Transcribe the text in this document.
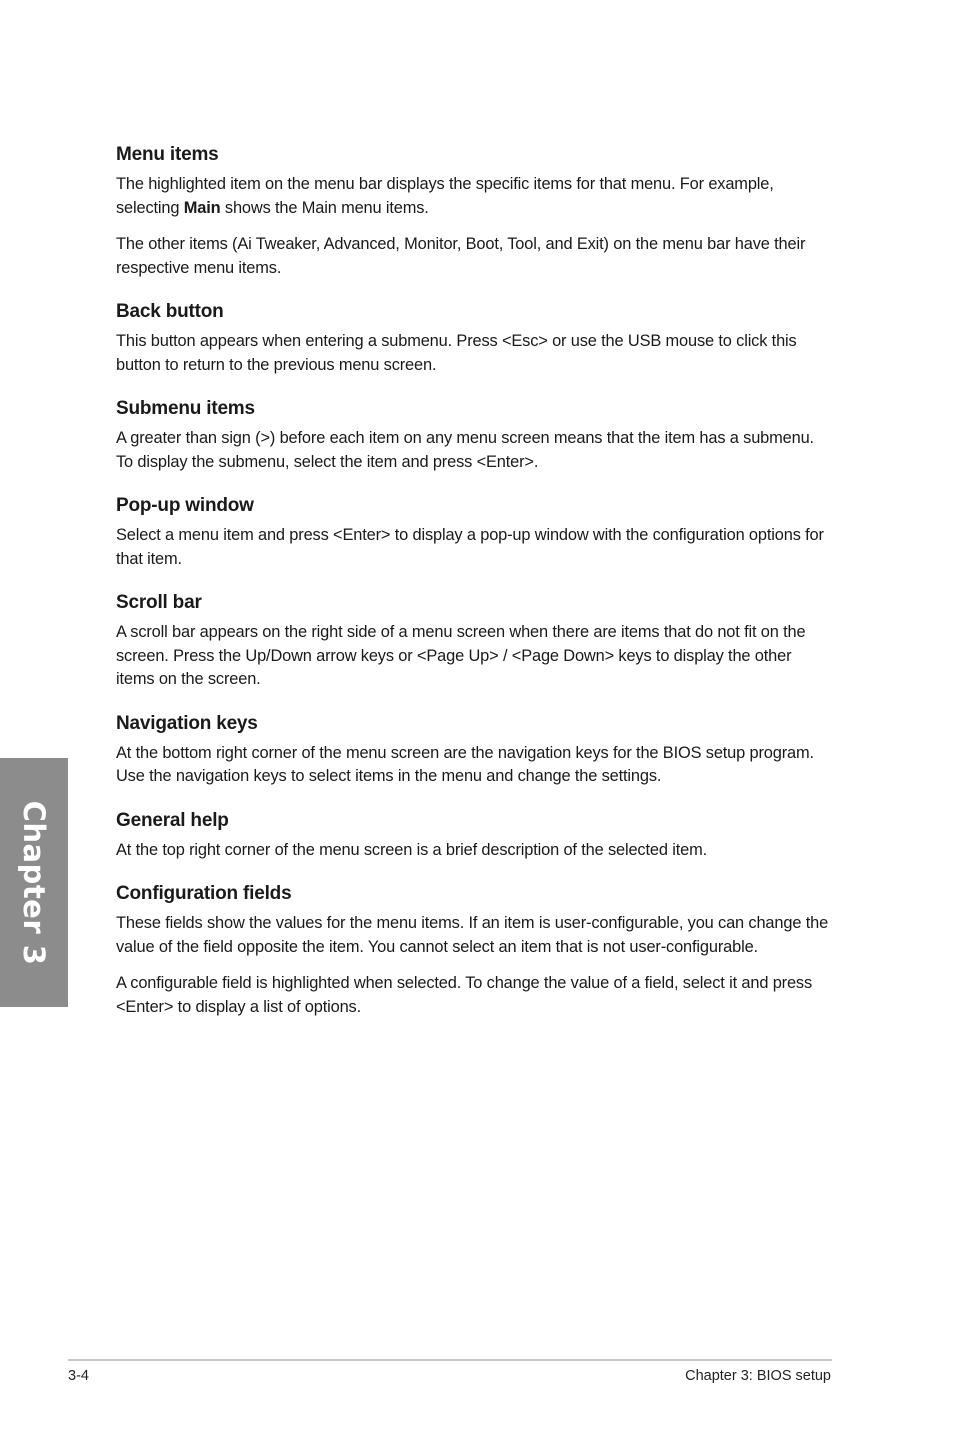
Menu items

The highlighted item on the menu bar displays the specific items for that menu. For example, selecting Main shows the Main menu items.

The other items (Ai Tweaker, Advanced, Monitor, Boot, Tool, and Exit) on the menu bar have their respective menu items.

Back button

This button appears when entering a submenu. Press <Esc> or use the USB mouse to click this button to return to the previous menu screen.

Submenu items

A greater than sign (>) before each item on any menu screen means that the item has a submenu. To display the submenu, select the item and press <Enter>.

Pop-up window

Select a menu item and press <Enter> to display a pop-up window with the configuration options for that item.

Scroll bar

A scroll bar appears on the right side of a menu screen when there are items that do not fit on the screen. Press the Up/Down arrow keys or <Page Up> / <Page Down> keys to display the other items on the screen.

Navigation keys

At the bottom right corner of the menu screen are the navigation keys for the BIOS setup program. Use the navigation keys to select items in the menu and change the settings.

General help

At the top right corner of the menu screen is a brief description of the selected item.

Configuration fields

These fields show the values for the menu items. If an item is user-configurable, you can change the value of the field opposite the item. You cannot select an item that is not user-configurable.

A configurable field is highlighted when selected. To change the value of a field, select it and press <Enter> to display a list of options.

Chapter 3
3-4	Chapter 3: BIOS setup
